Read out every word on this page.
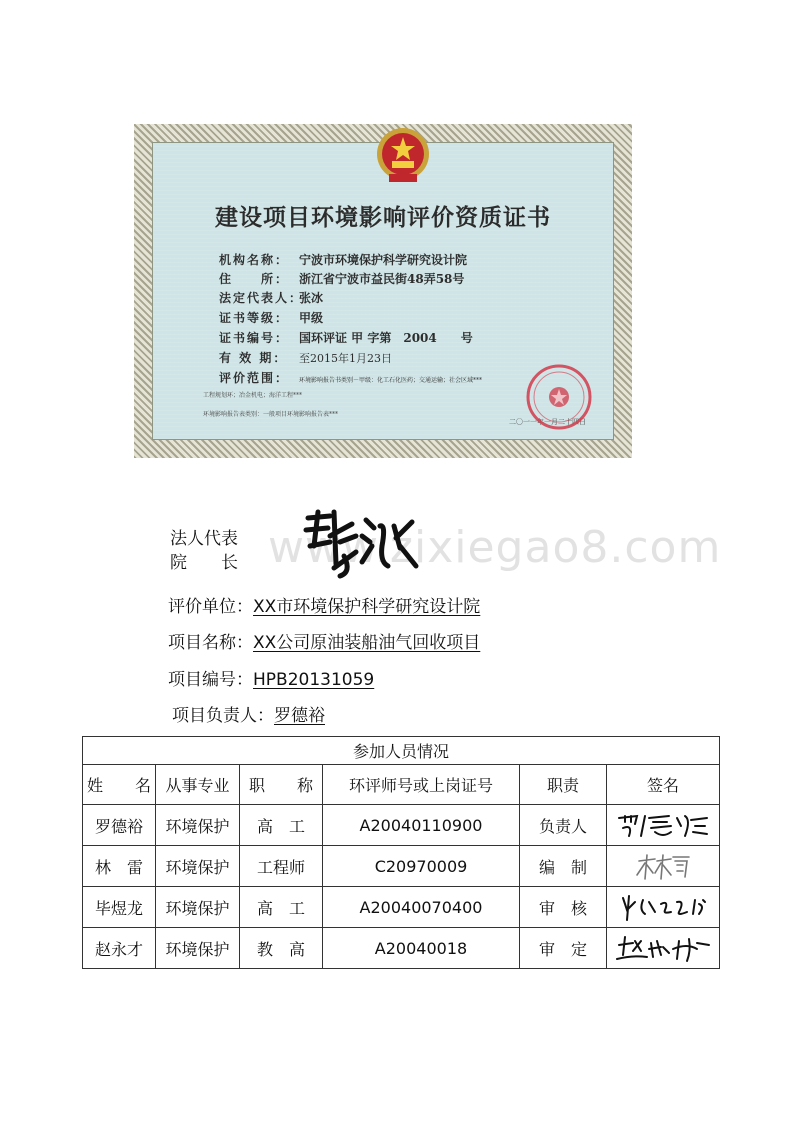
建设项目环境影响评价资质证书
机构名称： 宁波市环境保护科学研究设计院
住　　所： 浙江省宁波市益民街48弄58号
法定代表人：张冰
证书等级： 甲级
证书编号： 国环评证 甲 字第　2004　　号
有 效 期： 至2015年1月23日
评价范围： 环境影响报告书类别－甲级：化工石化医药；交通运输；社会区域***
工程规划环；冶金机电；海洋工程***
环境影响报告表类别：一般项目环境影响报告表***
二〇一一年一月二十四日
www.zixiegao8.com
法人代表
院　　长
评价单位：XX市环境保护科学研究设计院
项目名称：XX公司原油装船油气回收项目
项目编号：HPB20131059
项目负责人：罗德裕
参加人员情况					
姓　　名	从事专业	职　　称	环评师号或上岗证号	职责	签名
罗德裕	环境保护	高　工	A20040110900	负责人	

林　雷	环境保护	工程师	C20970009	编　制	

毕煜龙	环境保护	高　工	A20040070400	审　核	

赵永才	环境保护	教　高	A20040018	审　定	
